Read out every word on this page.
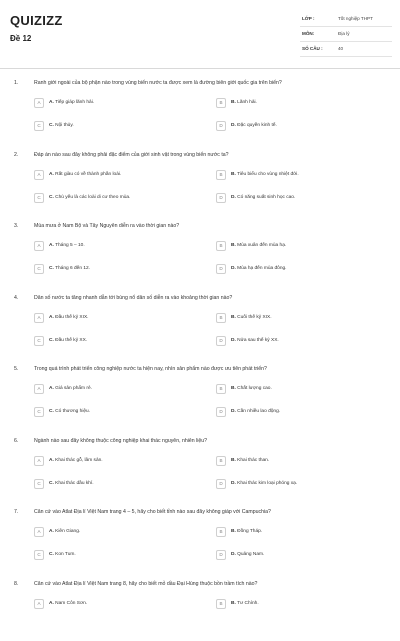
QUIZIZZ
Đề 12
LỚP :	Tốt nghiệp THPT
MÔN:	Địa lý
SỐ CÂU :	40
1.	Ranh giới ngoài của bộ phận nào trong vùng biển nước ta được xem là đường biên giới quốc gia trên biển?
A	A. Tiếp giáp lãnh hải.	B	B. Lãnh hải.
C	C. Nội thủy.	D	D. Đặc quyền kinh tế.
2.	Đáp án nào sau đây không phải đặc điểm của giới sinh vật trong vùng biển nước ta?
A	A. Rất giàu có về thành phần loài.	B	B. Tiêu biểu cho vùng nhiệt đới.
C	C. Chủ yếu là các loài di cư theo mùa.	D	D. Có năng suất sinh học cao.
3.	Mùa mưa ở Nam Bộ và Tây Nguyên diễn ra vào thời gian nào?
A	A. Tháng 5 – 10.	B	B. Mùa xuân đến mùa hạ.
C	C. Tháng 6 đến 12.	D	D. Mùa hạ đến mùa đông.
4.	Dân số nước ta tăng nhanh dẫn tới bùng nổ dân số diễn ra vào khoảng thời gian nào?
A	A. Đầu thế kỷ XIX.	B	B. Cuối thế kỷ XIX.
C	C. Đầu thế kỷ XX.	D	D. Nửa sau thế kỷ XX.
5.	Trong quá trình phát triển công nghiệp nước ta hiện nay, nhìn sản phẩm nào được ưu tiên phát triển?
A	A. Giá sản phẩm rẻ.	B	B. Chất lượng cao.
C	C. Có thương hiệu.	D	D. Cần nhiều lao động.
6.	Ngành nào sau đây không thuộc công nghiệp khai thác nguyên, nhiên liệu?
A	A. Khai thác gỗ, lâm sản.	B	B. Khai thác than.
C	C. Khai thác dầu khí.	D	D. Khai thác kim loại phóng xạ.
7.	Căn cứ vào Atlat Địa lí Việt Nam trang 4 – 5, hãy cho biết tỉnh nào sau đây không giáp với Campuchia?
A	A. Kiên Giang.	B	B. Đồng Tháp.
C	C. Kon Tum.	D	D. Quảng Nam.
8.	Căn cứ vào Atlat Địa lí Việt Nam trang 8, hãy cho biết mỏ dầu Đại Hùng thuộc bồn trầm tích nào?
A	A. Nam Côn Sơn.	B	B. Tư Chính.
